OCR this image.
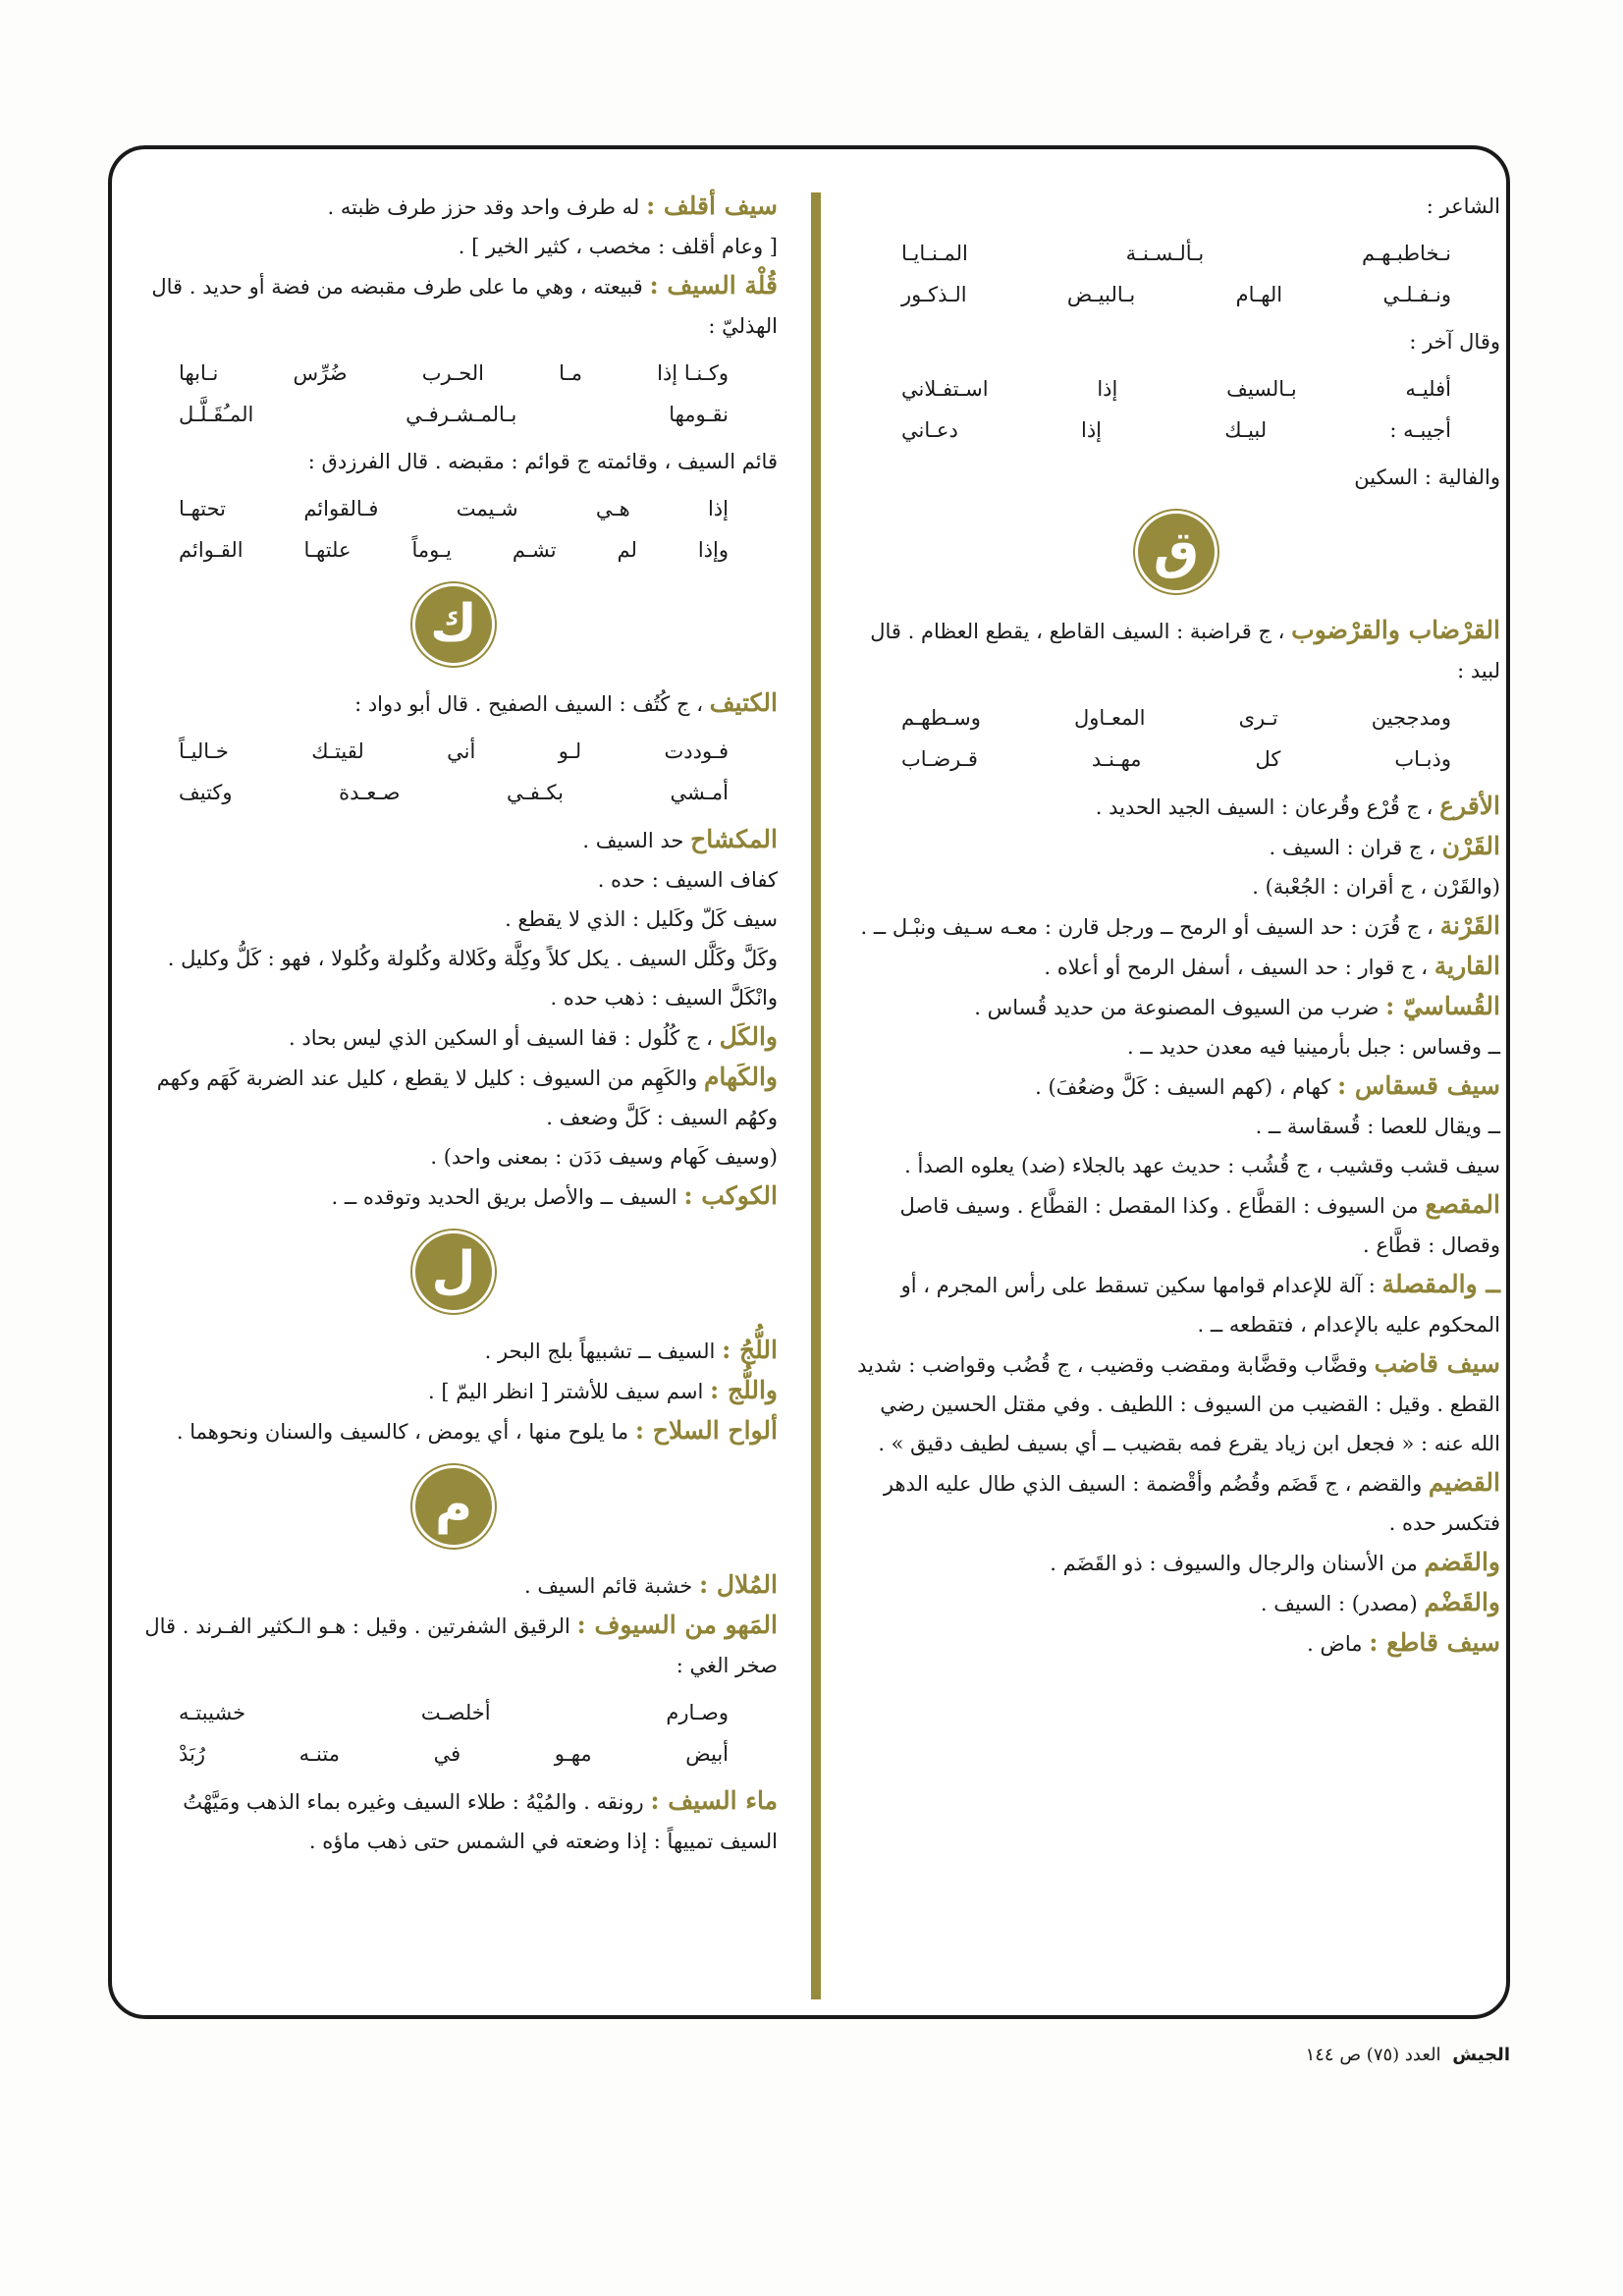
الشاعر :

نـخاطبـهـم
بـألـسـنـة
المـنـايـا
ونـفـلـي
الهـام
بـالبيـض
الـذكـور

وقال آخر :

أفليـه
بـالسيف
إذا
اسـتفـلاني
أجيبـه :
لبيـك
إذا
دعـاني

والفالية : السكين

ق

القرْضاب والقرْضوب ، ج قراضبة : السيف القاطع ، يقطع العظام . قال لبيد :

ومدججين
تـرى
المعـاول
وسـطهـم
وذبـاب
كل
مهـنـد
قـرضـاب

الأقرع ، ج قُرْع وقُرعان : السيف الجيد الحديد .

القَرْن ، ج قران : السيف .

(والقَرْن ، ج أقران : الجُعْبة) .

القَرْنة ، ج قُرَن : حد السيف أو الرمح ــ ورجل قارن : معـه سـيف ونبْـل ــ .

القارية ، ج قوار : حد السيف ، أسفل الرمح أو أعلاه .

القُساسيّ : ضرب من السيوف المصنوعة من حديد قُساس .

ــ وقساس : جبل بأرمينيا فيه معدن حديد ــ .

سيف قسقاس : كهام ، (كهم السيف : كَلَّ وضعُفَ) .

ــ ويقال للعصا : قُسقاسة ــ .

سيف قشب وقشيب ، ج قُشُب : حديث عهد بالجلاء (ضد) يعلوه الصدأ .

المقصع من السيوف : القطَّاع . وكذا المقصل : القطَّاع . وسيف قاصل وقصال : قطَّاع .

ــ والمقصلة : آلة للإعدام قوامها سكين تسقط على رأس المجرم ، أو المحكوم عليه بالإعدام ، فتقطعه ــ .

سيف قاضب وقضَّاب وقضَّابة ومقضب وقضيب ، ج قُضُب وقواضب : شديد القطع . وقيل : القضيب من السيوف : اللطيف . وفي مقتل الحسين رضي الله عنه : « فجعل ابن زياد يقرع فمه بقضيب ــ أي بسيف لطيف دقيق » .

القضيم والقضم ، ج قَضَم وقُضُم وأقْضمة : السيف الذي طال عليه الدهر فتكسر حده .

والقَضم من الأسنان والرجال والسيوف : ذو القَضَم .

والقَضْم (مصدر) : السيف .

سيف قاطع : ماض .

سيف أقلف : له طرف واحد وقد حزز طرف ظبته .

[ وعام أقلف : مخصب ، كثير الخير ] .

قُلْة السيف : قبيعته ، وهي ما على طرف مقبضه من فضة أو حديد . قال الهذليّ :

وكـنـا إذا
مـا
الحـرب
ضُرِّس
نـابها
نقـومها
بـالمـشـرفـي
المـُقَـلَّـل

قائم السيف ، وقائمته ج قوائم : مقبضه . قال الفرزدق :

إذا
هـي
شـيمت
فـالقوائم
تحتهـا
وإذا
لم
تشـم
يـوماً
علتهـا
القـوائم
ك

الكتيف ، ج كُتُف : السيف الصفيح . قال أبو دواد :

فـوددت
لـو
أني
لقيتـك
خـاليـاً
أمـشي
بكـفـي
صـعـدة
وكتيف

المكشاح حد السيف .

كفاف السيف : حده .

سيف كَلّ وكَليل : الذي لا يقطع .

وكَلَّ وكَلَّل السيف . يكل كلاً وكِلَّة وكَلالة وكُلولة وكُلولا ، فهو : كَلُّ وكليل . وانْكَلَّ السيف : ذهب حده .

والكَل ، ج كُلُول : قفا السيف أو السكين الذي ليس بحاد .

والكَهام والكَهِم من السيوف : كليل لا يقطع ، كليل عند الضربة كَهَم وكهم وكهُم السيف : كَلَّ وضعف .

(وسيف كَهام وسيف دَدَن : بمعنى واحد) .

الكوكب : السيف ــ والأصل بريق الحديد وتوقده ــ .

ل

اللُّجُ : السيف ــ تشبيهاً بلج البحر .

واللُّج : اسم سيف للأشتر [ انظر اليمّ ] .

ألواح السلاح : ما يلوح منها ، أي يومض ، كالسيف والسنان ونحوهما .

م

المُلال : خشبة قائم السيف .

المَهو من السيوف : الرقيق الشفرتين . وقيل : هـو الـكثير الفـرند . قال صخر الغي :

وصـارم
أخلصـت
خشيبتـه
أبيض
مهـو
في
متنـه
رُبَدْ

ماء السيف : رونقه . والمُيْهُ : طلاء السيف وغيره بماء الذهب ومَيَّهْتُ السيف تمييهاً : إذا وضعته في الشمس حتى ذهب ماؤه .

الجيش العدد (٧٥) ص ١٤٤
